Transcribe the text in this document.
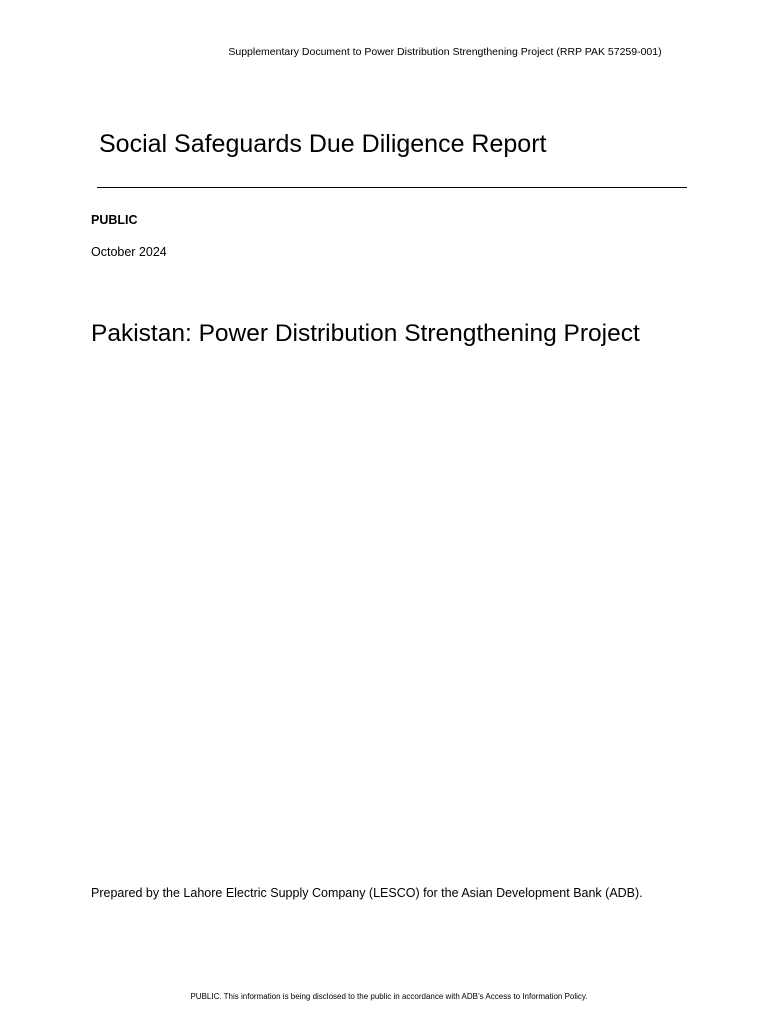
Supplementary Document to Power Distribution Strengthening Project (RRP PAK 57259-001)
Social Safeguards Due Diligence Report
PUBLIC
October 2024
Pakistan: Power Distribution Strengthening Project
Prepared by the Lahore Electric Supply Company (LESCO) for the Asian Development Bank (ADB).
PUBLIC. This information is being disclosed to the public in accordance with ADB’s Access to Information Policy.
